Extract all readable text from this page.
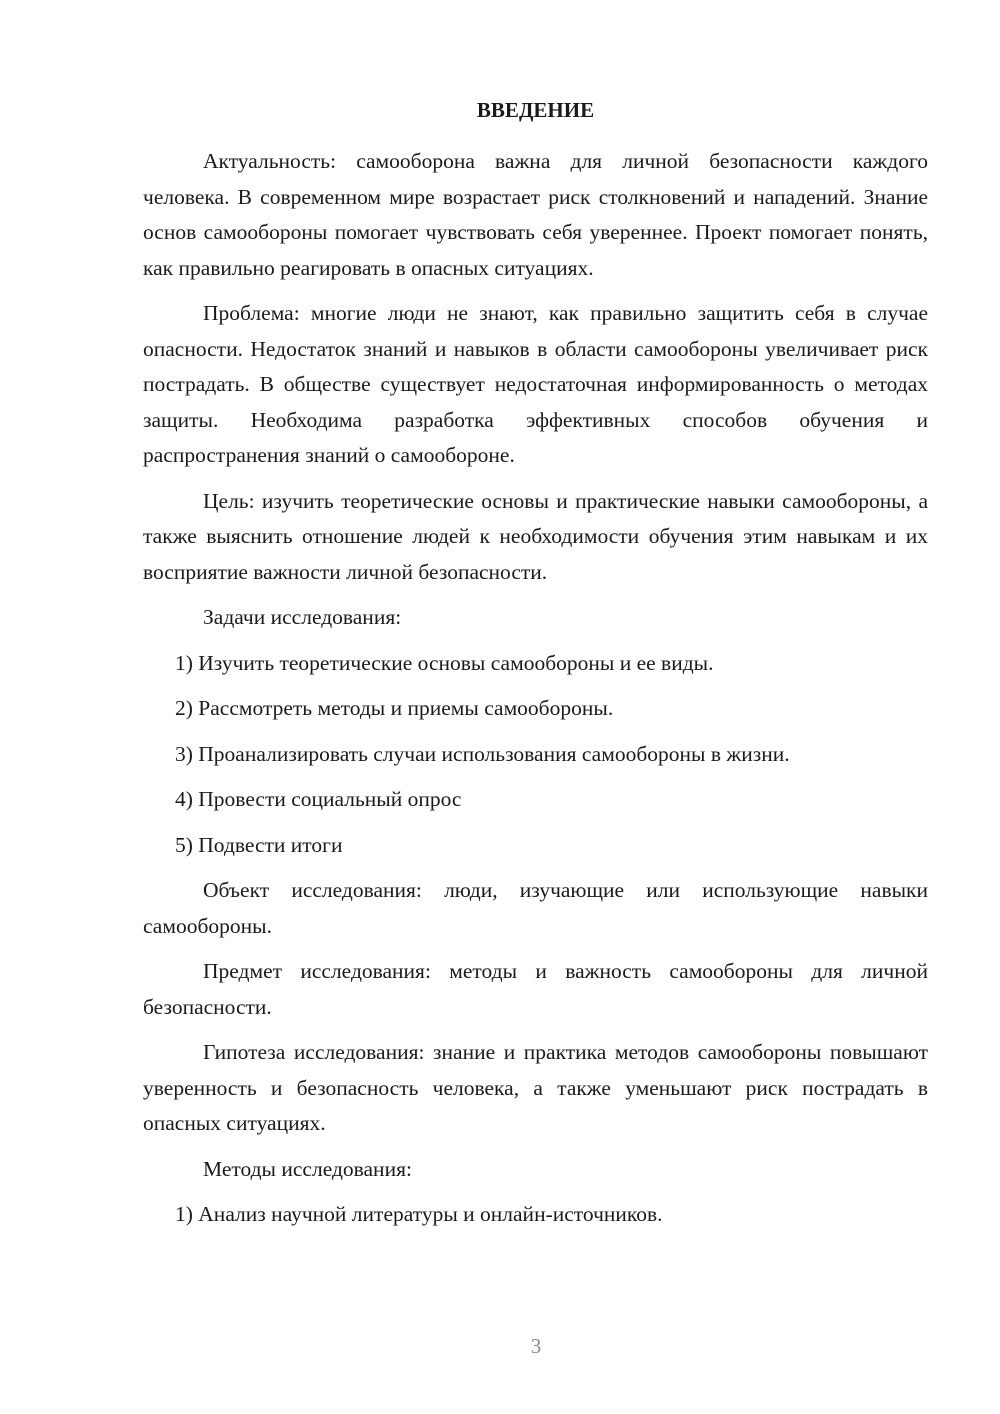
ВВЕДЕНИЕ

Актуальность: самооборона важна для личной безопасности каждого человека. В современном мире возрастает риск столкновений и нападений. Знание основ самообороны помогает чувствовать себя увереннее. Проект помогает понять, как правильно реагировать в опасных ситуациях.

Проблема: многие люди не знают, как правильно защитить себя в случае опасности. Недостаток знаний и навыков в области самообороны увеличивает риск пострадать. В обществе существует недостаточная информированность о методах защиты. Необходима разработка эффективных способов обучения и распространения знаний о самообороне.

Цель: изучить теоретические основы и практические навыки самообороны, а также выяснить отношение людей к необходимости обучения этим навыкам и их восприятие важности личной безопасности.

Задачи исследования:

1) Изучить теоретические основы самообороны и ее виды.

2) Рассмотреть методы и приемы самообороны.

3) Проанализировать случаи использования самообороны в жизни.

4) Провести социальный опрос

5) Подвести итоги

Объект исследования: люди, изучающие или использующие навыки самообороны.

Предмет исследования: методы и важность самообороны для личной безопасности.

Гипотеза исследования: знание и практика методов самообороны повышают уверенность и безопасность человека, а также уменьшают риск пострадать в опасных ситуациях.

Методы исследования:

1) Анализ научной литературы и онлайн-источников.

3
